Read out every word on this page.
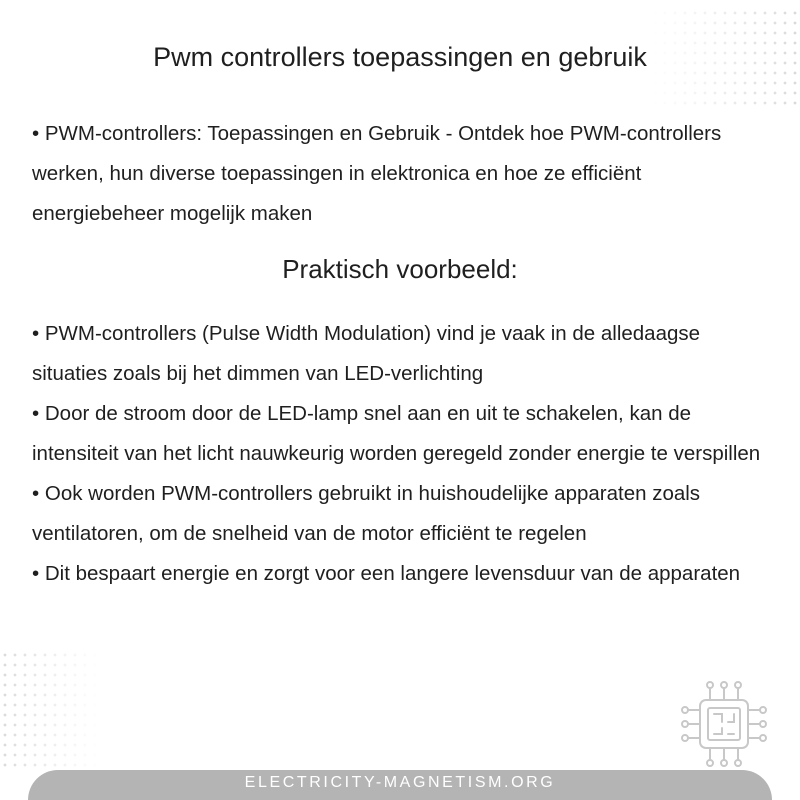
Pwm controllers toepassingen en gebruik

• PWM-controllers: Toepassingen en Gebruik - Ontdek hoe PWM-controllers werken, hun diverse toepassingen in elektronica en hoe ze efficiënt energiebeheer mogelijk maken

Praktisch voorbeeld:
• PWM-controllers (Pulse Width Modulation) vind je vaak in de alledaagse situaties zoals bij het dimmen van LED-verlichting
• Door de stroom door de LED-lamp snel aan en uit te schakelen, kan de intensiteit van het licht nauwkeurig worden geregeld zonder energie te verspillen
• Ook worden PWM-controllers gebruikt in huishoudelijke apparaten zoals ventilatoren, om de snelheid van de motor efficiënt te regelen
• Dit bespaart energie en zorgt voor een langere levensduur van de apparaten
ELECTRICITY-MAGNETISM.ORG
